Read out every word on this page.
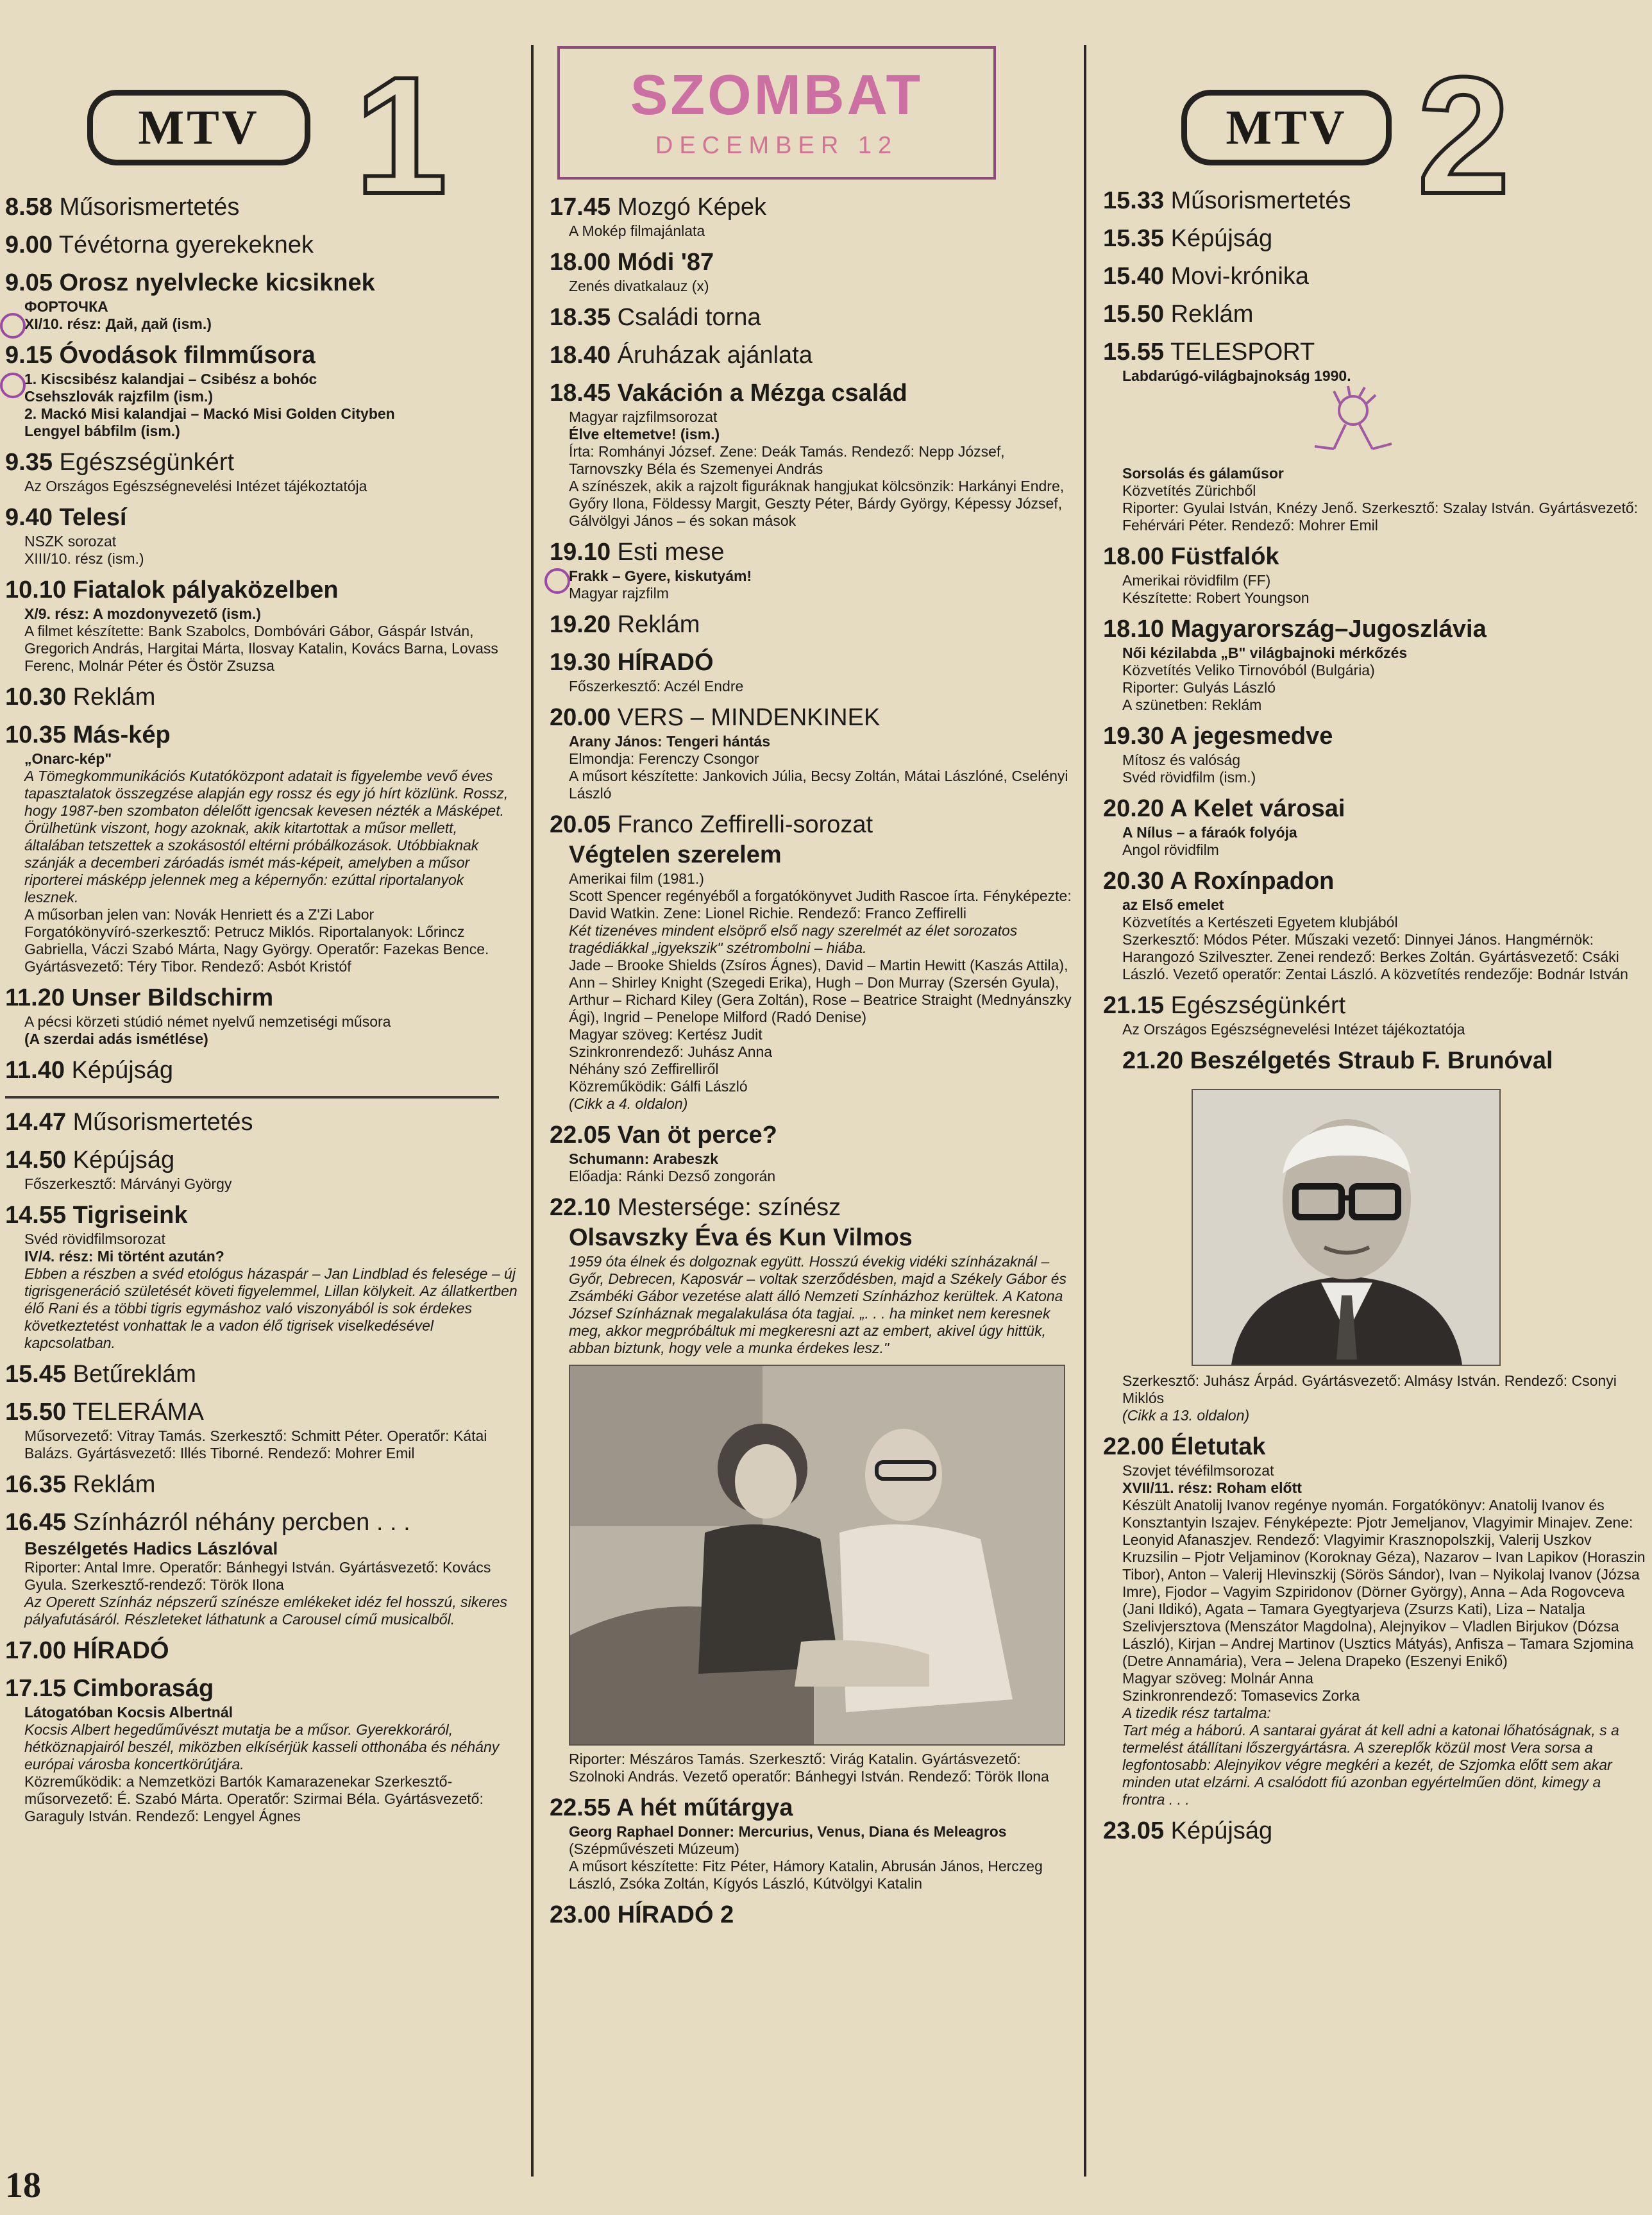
MTV 1
8.58 Műsorismertetés
9.00 Tévétorna gyerekeknek
9.05 Orosz nyelvlecke kicsiknek
ФОРТОЧКА
XI/10. rész: Дай, дай (ism.)
9.15 Óvodások filmműsora
1. Kiscsibész kalandjai – Csibész a bohóc
Csehszlovák rajzfilm (ism.)
2. Mackó Misi kalandjai – Mackó Misi Golden Cityben
Lengyel bábfilm (ism.)
9.35 Egészségünkért
Az Országos Egészségnevelési Intézet tájékoztatója
9.40 Telesí
NSZK sorozat
XIII/10. rész (ism.)
10.10 Fiatalok pályaközelben
X/9. rész: A mozdonyvezető (ism.)
A filmet készítette: Bank Szabolcs, Dombóvári Gábor, Gáspár István, Gregorich András, Hargitai Márta, Ilosvay Katalin, Kovács Barna, Lovass Ferenc, Molnár Péter és Östör Zsuzsa
10.30 Reklám
10.35 Más-kép
„Onarc-kép"
A Tömegkommunikációs Kutatóközpont adatait is figyelembe vevő éves tapasztalatok összegzése alapján egy rossz és egy jó hírt közlünk. Rossz, hogy 1987-ben szombaton délelőtt igencsak kevesen nézték a Másképet. Örülhetünk viszont, hogy azoknak, akik kitartottak a műsor mellett, általában tetszettek a szokásostól eltérni próbálkozások. Utóbbiaknak szánják a decemberi záróadás ismét más-képeit, amelyben a műsor riporterei másképp jelennek meg a képernyőn: ezúttal riportalanyok lesznek.
A műsorban jelen van: Novák Henriett és a Z'Zi Labor
Forgatókönyvíró-szerkesztő: Petrucz Miklós. Riportalanyok: Lőrincz Gabriella, Váczi Szabó Márta, Nagy György. Operatőr: Fazekas Bence. Gyártásvezető: Téry Tibor. Rendező: Asbót Kristóf
11.20 Unser Bildschirm
A pécsi körzeti stúdió német nyelvű nemzetiségi műsora
(A szerdai adás ismétlése)
11.40 Képújság
14.47 Műsorismertetés
14.50 Képújság
Főszerkesztő: Márványi György
14.55 Tigriseink
Svéd rövidfilmsorozat
IV/4. rész: Mi történt azután?
Ebben a részben a svéd etológus házaspár – Jan Lindblad és felesége – új tigrisgeneráció születését követi figyelemmel, Lillan kölykeit. Az állatkertben élő Rani és a többi tigris egymáshoz való viszonyából is sok érdekes következtetést vonhattak le a vadon élő tigrisek viselkedésével kapcsolatban.
15.45 Betűreklám
15.50 TELERÁMA
Műsorvezető: Vitray Tamás. Szerkesztő: Schmitt Péter. Operatőr: Kátai Balázs. Gyártásvezető: Illés Tiborné. Rendező: Mohrer Emil
16.35 Reklám
16.45 Színházról néhány percben . . .
Beszélgetés Hadics Lászlóval
Riporter: Antal Imre. Operatőr: Bánhegyi István. Gyártásvezető: Kovács Gyula. Szerkesztő-rendező: Török Ilona
Az Operett Színház népszerű színésze emlékeket idéz fel hosszú, sikeres pályafutásáról. Részleteket láthatunk a Carousel című musicalből.
17.00 HÍRADÓ
17.15 Cimboraság
Látogatóban Kocsis Albertnál
Kocsis Albert hegedűművészt mutatja be a műsor. Gyerekkoráról, hétköznapjairól beszél, miközben elkísérjük kasseli otthonába és néhány európai városba koncertkörútjára.
Közreműködik: a Nemzetközi Bartók Kamarazenekar Szerkesztő-műsorvezető: É. Szabó Márta. Operatőr: Szirmai Béla. Gyártásvezető: Garaguly István. Rendező: Lengyel Ágnes
18
SZOMBAT
DECEMBER 12
17.45 Mozgó Képek
A Mokép filmajánlata
18.00 Módi '87
Zenés divatkalauz (x)
18.35 Családi torna
18.40 Áruházak ajánlata
18.45 Vakáción a Mézga család
Magyar rajzfilmsorozat
Élve eltemetve! (ism.)
Írta: Romhányi József. Zene: Deák Tamás. Rendező: Nepp József, Tarnovszky Béla és Szemenyei András
A színészek, akik a rajzolt figuráknak hangjukat kölcsönzik: Harkányi Endre, Győry Ilona, Földessy Margit, Geszty Péter, Bárdy György, Képessy József, Gálvölgyi János – és sokan mások
19.10 Esti mese
Frakk – Gyere, kiskutyám!
Magyar rajzfilm
19.20 Reklám
19.30 HÍRADÓ
Főszerkesztő: Aczél Endre
20.00 VERS – MINDENKINEK
Arany János: Tengeri hántás
Elmondja: Ferenczy Csongor
A műsort készítette: Jankovich Júlia, Becsy Zoltán, Mátai Lászlóné, Cselényi László
20.05 Franco Zeffirelli-sorozat
Végtelen szerelem
Amerikai film (1981.)
Scott Spencer regényéből a forgatókönyvet Judith Rascoe írta. Fényképezte: David Watkin. Zene: Lionel Richie. Rendező: Franco Zeffirelli
Két tizenéves mindent elsöprő első nagy szerelmét az élet sorozatos tragédiákkal „igyekszik" szétrombolni – hiába.
Jade – Brooke Shields (Zsíros Ágnes), David – Martin Hewitt (Kaszás Attila), Ann – Shirley Knight (Szegedi Erika), Hugh – Don Murray (Szersén Gyula), Arthur – Richard Kiley (Gera Zoltán), Rose – Beatrice Straight (Mednyánszky Ági), Ingrid – Penelope Milford (Radó Denise)
Magyar szöveg: Kertész Judit
Szinkronrendező: Juhász Anna
Néhány szó Zeffirelliről
Közreműködik: Gálfi László
(Cikk a 4. oldalon)
22.05 Van öt perce?
Schumann: Arabeszk
Előadja: Ránki Dezső zongorán
22.10 Mestersége: színész
Olsavszky Éva és Kun Vilmos
1959 óta élnek és dolgoznak együtt. Hosszú évekig vidéki színházaknál – Győr, Debrecen, Kaposvár – voltak szerződésben, majd a Székely Gábor és Zsámbéki Gábor vezetése alatt álló Nemzeti Színházhoz kerültek. A Katona József Színháznak megalakulása óta tagjai. „. . . ha minket nem keresnek meg, akkor megpróbáltuk mi megkeresni azt az embert, akivel úgy hittük, abban biztunk, hogy vele a munka érdekes lesz."
Riporter: Mészáros Tamás. Szerkesztő: Virág Katalin. Gyártásvezető: Szolnoki András. Vezető operatőr: Bánhegyi István. Rendező: Török Ilona
22.55 A hét műtárgya
Georg Raphael Donner: Mercurius, Venus, Diana és Meleagros
(Szépművészeti Múzeum)
A műsort készítette: Fitz Péter, Hámory Katalin, Abrusán János, Herczeg László, Zsóka Zoltán, Kígyós László, Kútvölgyi Katalin
23.00 HÍRADÓ 2
MTV 2
15.33 Műsorismertetés
15.35 Képújság
15.40 Movi-krónika
15.50 Reklám
15.55 TELESPORT
Labdarúgó-világbajnokság 1990.
Sorsolás és gálaműsor
Közvetítés Zürichből
Riporter: Gyulai István, Knézy Jenő. Szerkesztő: Szalay István. Gyártásvezető: Fehérvári Péter. Rendező: Mohrer Emil
18.00 Füstfalók
Amerikai rövidfilm (FF)
Készítette: Robert Youngson
18.10 Magyarország–Jugoszlávia
Női kézilabda „B" világbajnoki mérkőzés
Közvetítés Veliko Tirnovóból (Bulgária)
Riporter: Gulyás László
A szünetben: Reklám
19.30 A jegesmedve
Mítosz és valóság
Svéd rövidfilm (ism.)
20.20 A Kelet városai
A Nílus – a fáraók folyója
Angol rövidfilm
20.30 A Roxínpadon
az Első emelet
Közvetítés a Kertészeti Egyetem klubjából
Szerkesztő: Módos Péter. Műszaki vezető: Dinnyei János. Hangmérnök: Harangozó Szilveszter. Zenei rendező: Berkes Zoltán. Gyártásvezető: Csáki László. Vezető operatőr: Zentai László. A közvetítés rendezője: Bodnár István
21.15 Egészségünkért
Az Országos Egészségnevelési Intézet tájékoztatója
21.20 Beszélgetés Straub F. Brunóval
Szerkesztő: Juhász Árpád. Gyártásvezető: Almásy István. Rendező: Csonyi Miklós
(Cikk a 13. oldalon)
22.00 Életutak
Szovjet tévéfilmsorozat
XVII/11. rész: Roham előtt
Készült Anatolij Ivanov regénye nyomán. Forgatókönyv: Anatolij Ivanov és Konsztantyin Iszajev. Fényképezte: Pjotr Jemeljanov, Vlagyimir Minajev. Zene: Leonyid Afanaszjev. Rendező: Vlagyimir Krasznopolszkij, Valerij Uszkov
Kruzsilin – Pjotr Veljaminov (Koroknay Géza), Nazarov – Ivan Lapikov (Horaszin Tibor), Anton – Valerij Hlevinszkij (Sörös Sándor), Ivan – Nyikolaj Ivanov (Józsa Imre), Fjodor – Vagyim Szpiridonov (Dörner György), Anna – Ada Rogovceva (Jani Ildikó), Agata – Tamara Gyegtyarjeva (Zsurzs Kati), Liza – Natalja Szelivjersztova (Menszátor Magdolna), Alejnyikov – Vladlen Birjukov (Dózsa László), Kirjan – Andrej Martinov (Usztics Mátyás), Anfisza – Tamara Szjomina (Detre Annamária), Vera – Jelena Drapeko (Eszenyi Enikő)
Magyar szöveg: Molnár Anna
Szinkronrendező: Tomasevics Zorka
A tizedik rész tartalma:
Tart még a háború. A santarai gyárat át kell adni a katonai lőhatóságnak, s a termelést átállítani lőszergyártásra. A szereplők közül most Vera sorsa a legfontosabb: Alejnyikov végre megkéri a kezét, de Szjomka előtt sem akar minden utat elzárni. A csalódott fiú azonban egyértelműen dönt, kimegy a frontra . . .
23.05 Képújság
